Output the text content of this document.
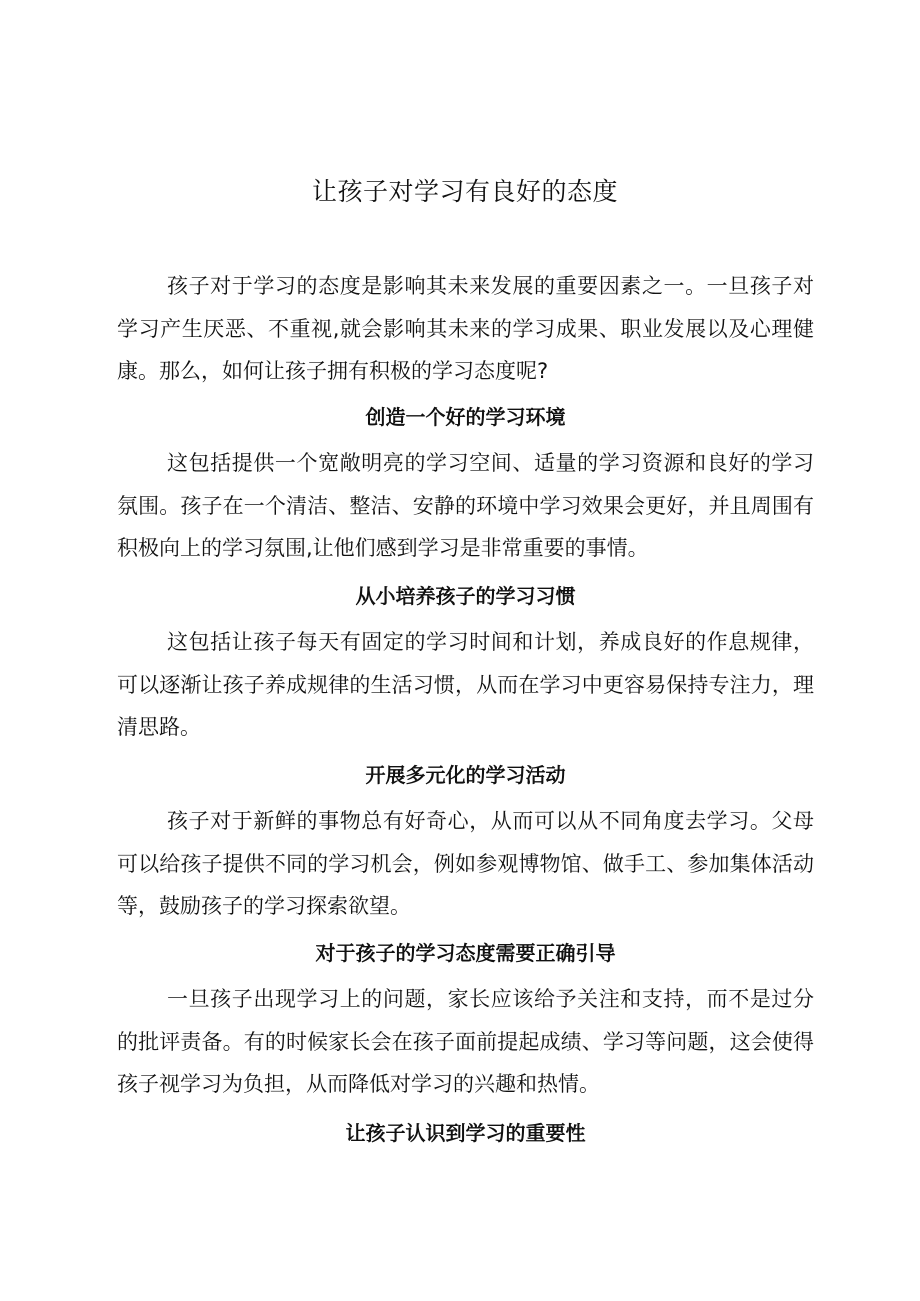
让孩子对学习有良好的态度

孩子对于学习的态度是影响其未来发展的重要因素之一。一旦孩子对学习产生厌恶、不重视,就会影响其未来的学习成果、职业发展以及心理健康。那么，如何让孩子拥有积极的学习态度呢?

创造一个好的学习环境

这包括提供一个宽敞明亮的学习空间、适量的学习资源和良好的学习氛围。孩子在一个清洁、整洁、安静的环境中学习效果会更好，并且周围有积极向上的学习氛围,让他们感到学习是非常重要的事情。

从小培养孩子的学习习惯

这包括让孩子每天有固定的学习时间和计划，养成良好的作息规律，可以逐渐让孩子养成规律的生活习惯，从而在学习中更容易保持专注力，理清思路。

开展多元化的学习活动

孩子对于新鲜的事物总有好奇心，从而可以从不同角度去学习。父母可以给孩子提供不同的学习机会，例如参观博物馆、做手工、参加集体活动等，鼓励孩子的学习探索欲望。

对于孩子的学习态度需要正确引导

一旦孩子出现学习上的问题，家长应该给予关注和支持，而不是过分的批评责备。有的时候家长会在孩子面前提起成绩、学习等问题，这会使得孩子视学习为负担，从而降低对学习的兴趣和热情。

让孩子认识到学习的重要性
